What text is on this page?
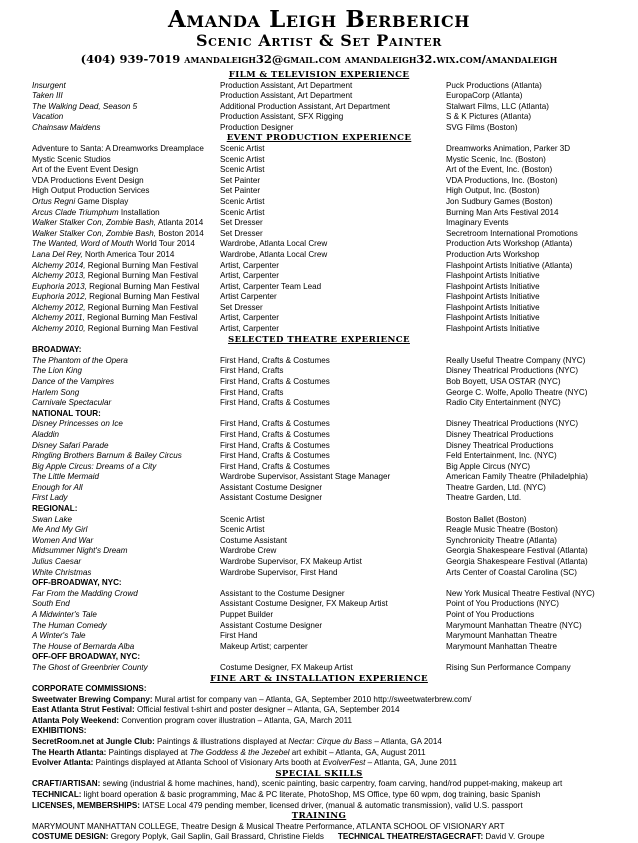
Amanda Leigh Berberich
Scenic Artist & Set Painter
(404) 939-7019 amandaleigh32@gmail.com amandaleigh32.wix.com/amandaleigh
FILM & TELEVISION EXPERIENCE
Insurgent	Production Assistant, Art Department	Puck Productions (Atlanta)
Taken III	Production Assistant, Art Department	EuropaCorp (Atlanta)
The Walking Dead, Season 5	Additional Production Assistant, Art Department	Stalwart Films, LLC (Atlanta)
Vacation	Production Assistant, SFX Rigging	S & K Pictures (Atlanta)
Chainsaw Maidens	Production Designer	SVG Films (Boston)
EVENT PRODUCTION EXPERIENCE
Adventure to Santa: A Dreamworks Dreamplace	Scenic Artist	Dreamworks Animation, Parker 3D
Mystic Scenic Studios	Scenic Artist	Mystic Scenic, Inc. (Boston)
Art of the Event Event Design	Scenic Artist	Art of the Event, Inc. (Boston)
VDA Productions Event Design	Set Painter	VDA Productions, Inc. (Boston)
High Output Production Services	Set Painter	High Output, Inc. (Boston)
Ortus Regni Game Display	Scenic Artist	Jon Sudbury Games (Boston)
Arcus Clade Triumphum Installation	Scenic Artist	Burning Man Arts Festival 2014
Walker Stalker Con, Zombie Bash, Atlanta 2014	Set Dresser	Imaginary Events
Walker Stalker Con, Zombie Bash, Boston 2014	Set Dresser	Secretroom International Promotions
The Wanted, Word of Mouth World Tour 2014	Wardrobe, Atlanta Local Crew	Production Arts Workshop (Atlanta)
Lana Del Rey, North America Tour 2014	Wardrobe, Atlanta Local Crew	Production Arts Workshop
Alchemy 2014, Regional Burning Man Festival	Artist, Carpenter	Flashpoint Artists Initiative (Atlanta)
Alchemy 2013, Regional Burning Man Festival	Artist, Carpenter	Flashpoint Artists Initiative
Euphoria 2013, Regional Burning Man Festival	Artist, Carpenter Team Lead	Flashpoint Artists Initiative
Euphoria 2012, Regional Burning Man Festival	Artist Carpenter	Flashpoint Artists Initiative
Alchemy 2012, Regional Burning Man Festival	Set Dresser	Flashpoint Artists Initiative
Alchemy 2011, Regional Burning Man Festival	Artist, Carpenter	Flashpoint Artists Initiative
Alchemy 2010, Regional Burning Man Festival	Artist, Carpenter	Flashpoint Artists Initiative
SELECTED THEATRE EXPERIENCE
BROADWAY:
The Phantom of the Opera	First Hand, Crafts & Costumes	Really Useful Theatre Company (NYC)
The Lion King	First Hand, Crafts	Disney Theatrical Productions (NYC)
Dance of the Vampires	First Hand, Crafts & Costumes	Bob Boyett, USA OSTAR (NYC)
Harlem Song	First Hand, Crafts	George C. Wolfe, Apollo Theatre (NYC)
Carnivale Spectacular	First Hand, Crafts & Costumes	Radio City Entertainment (NYC)
NATIONAL TOUR:
Disney Princesses on Ice	First Hand, Crafts & Costumes	Disney Theatrical Productions (NYC)
Aladdin	First Hand, Crafts & Costumes	Disney Theatrical Productions
Disney Safari Parade	First Hand, Crafts & Costumes	Disney Theatrical Productions
Ringling Brothers Barnum & Bailey Circus	First Hand, Crafts & Costumes	Feld Entertainment, Inc. (NYC)
Big Apple Circus: Dreams of a City	First Hand, Crafts & Costumes	Big Apple Circus (NYC)
The Little Mermaid	Wardrobe Supervisor, Assistant Stage Manager	American Family Theatre (Philadelphia)
Enough for All	Assistant Costume Designer	Theatre Garden, Ltd. (NYC)
First Lady	Assistant Costume Designer	Theatre Garden, Ltd.
REGIONAL:
Swan Lake	Scenic Artist	Boston Ballet (Boston)
Me And My Girl	Scenic Artist	Reagle Music Theatre (Boston)
Women And War	Costume Assistant	Synchronicity Theatre (Atlanta)
Midsummer Night's Dream	Wardrobe Crew	Georgia Shakespeare Festival (Atlanta)
Julius Caesar	Wardrobe Supervisor, FX Makeup Artist	Georgia Shakespeare Festival (Atlanta)
White Christmas	Wardrobe Supervisor, First Hand	Arts Center of Coastal Carolina (SC)
OFF-BROADWAY, NYC:
Far From the Madding Crowd	Assistant to the Costume Designer	New York Musical Theatre Festival (NYC)
South End	Assistant Costume Designer, FX Makeup Artist	Point of You Productions (NYC)
A Midwinter's Tale	Puppet Builder	Point of You Productions
The Human Comedy	Assistant Costume Designer	Marymount Manhattan Theatre (NYC)
A Winter's Tale	First Hand	Marymount Manhattan Theatre
The House of Bernarda Alba	Makeup Artist; carpenter	Marymount Manhattan Theatre
OFF-OFF BROADWAY, NYC:
The Ghost of Greenbrier County	Costume Designer, FX Makeup Artist	Rising Sun Performance Company
FINE ART & INSTALLATION EXPERIENCE
CORPORATE COMMISSIONS:
Sweetwater Brewing Company: Mural artist for company van – Atlanta, GA, September 2010 http://sweetwaterbrew.com/
East Atlanta Strut Festival: Official festival t-shirt and poster designer – Atlanta, GA, September 2014
Atlanta Poly Weekend: Convention program cover illustration – Atlanta, GA, March 2011
EXHIBITIONS:
SecretRoom.net at Jungle Club: Paintings & illustrations displayed at Nectar: Cirque du Bass – Atlanta, GA 2014
The Hearth Atlanta: Paintings displayed at The Goddess & the Jezebel art exhibit – Atlanta, GA, August 2011
Evolver Atlanta: Paintings displayed at Atlanta School of Visionary Arts booth at EvolverFest – Atlanta, GA, June 2011
SPECIAL SKILLS
CRAFT/ARTISAN: sewing (industrial & home machines, hand), scenic painting, basic carpentry, foam carving, hand/rod puppet-making, makeup art
TECHNICAL: light board operation & basic programming, Mac & PC literate, PhotoShop, MS Office, type 60 wpm, dog training, basic Spanish
LICENSES, MEMBERSHIPS: IATSE Local 479 pending member, licensed driver, (manual & automatic transmission), valid U.S. passport
TRAINING
MARYMOUNT MANHATTAN COLLEGE, Theatre Design & Musical Theatre Performance, ATLANTA SCHOOL OF VISIONARY ART
COSTUME DESIGN: Gregory Poplyk, Gail Saplin, Gail Brassard, Christine Fields TECHNICAL THEATRE/STAGECRAFT: David V. Groupe
